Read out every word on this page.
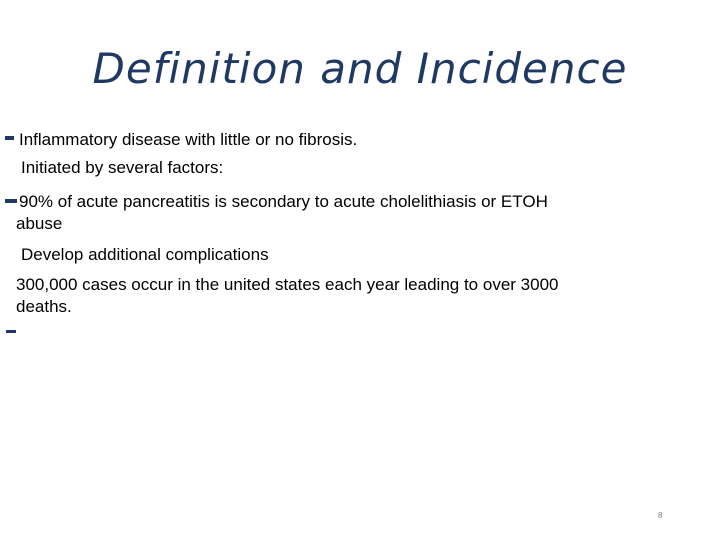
Definition and Incidence
Inflammatory disease with little or no fibrosis.
Initiated by several factors:
90% of acute pancreatitis is secondary to acute cholelithiasis or ETOH
abuse
Develop additional complications
300,000 cases occur in the united states each year leading to over 3000
deaths.
8
